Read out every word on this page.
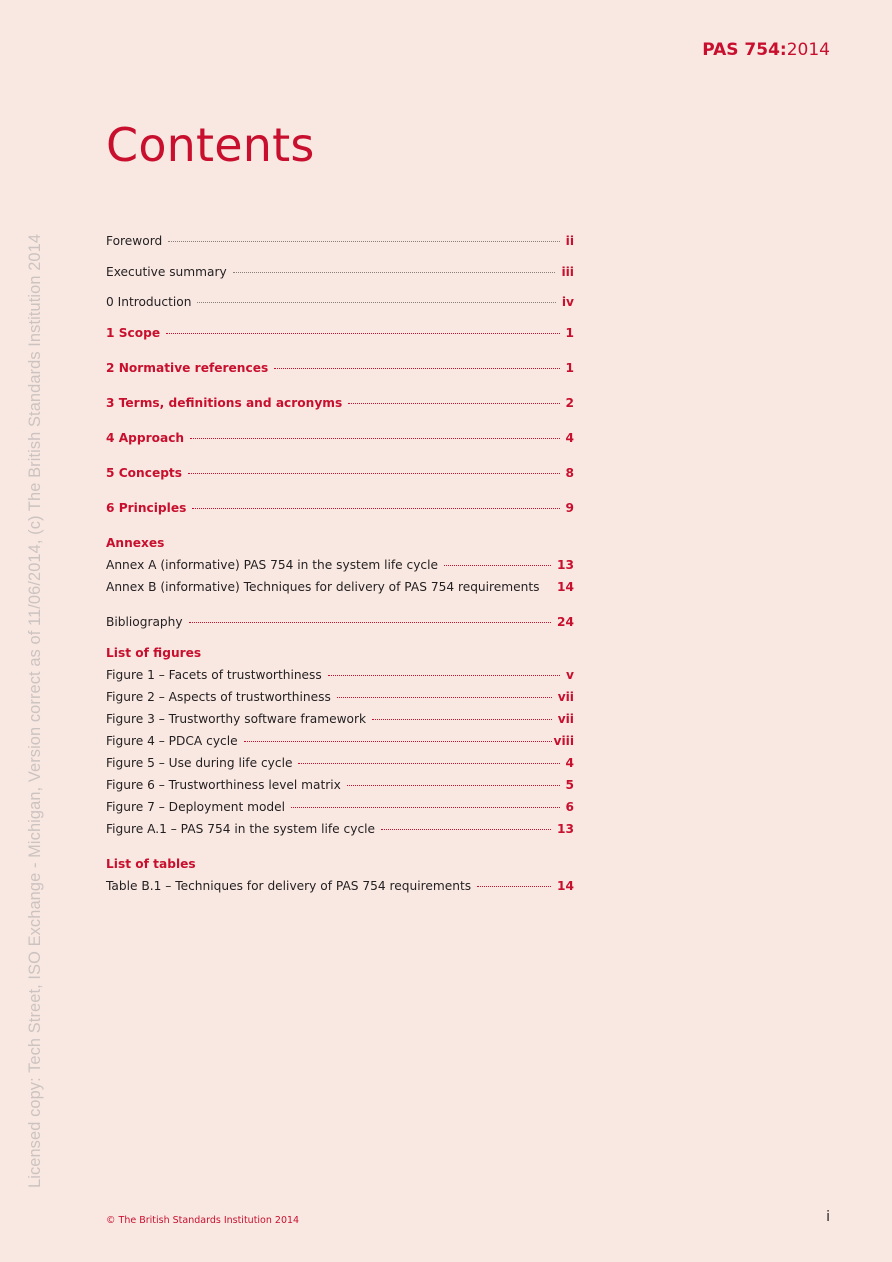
PAS 754:2014
Licensed copy: Tech Street, ISO Exchange - Michigan, Version correct as of 11/06/2014, (c) The British Standards Institution 2014
Contents
Foreword	ii
Executive summary	iii
0 Introduction	iv
1 Scope	1
2 Normative references	1
3 Terms, definitions and acronyms	2
4 Approach	4
5 Concepts	8
6 Principles	9
Annexes
Annex A (informative) PAS 754 in the system life cycle	13
Annex B (informative) Techniques for delivery of PAS 754 requirements 14
Bibliography	24
List of figures
Figure 1 – Facets of trustworthiness	v
Figure 2 – Aspects of trustworthiness	vii
Figure 3 – Trustworthy software framework	vii
Figure 4 – PDCA cycle	viii
Figure 5 – Use during life cycle	4
Figure 6 – Trustworthiness level matrix	5
Figure 7 – Deployment model	6
Figure A.1 – PAS 754 in the system life cycle	13
List of tables
Table B.1 – Techniques for delivery of PAS 754 requirements	14
© The British Standards Institution 2014	i
